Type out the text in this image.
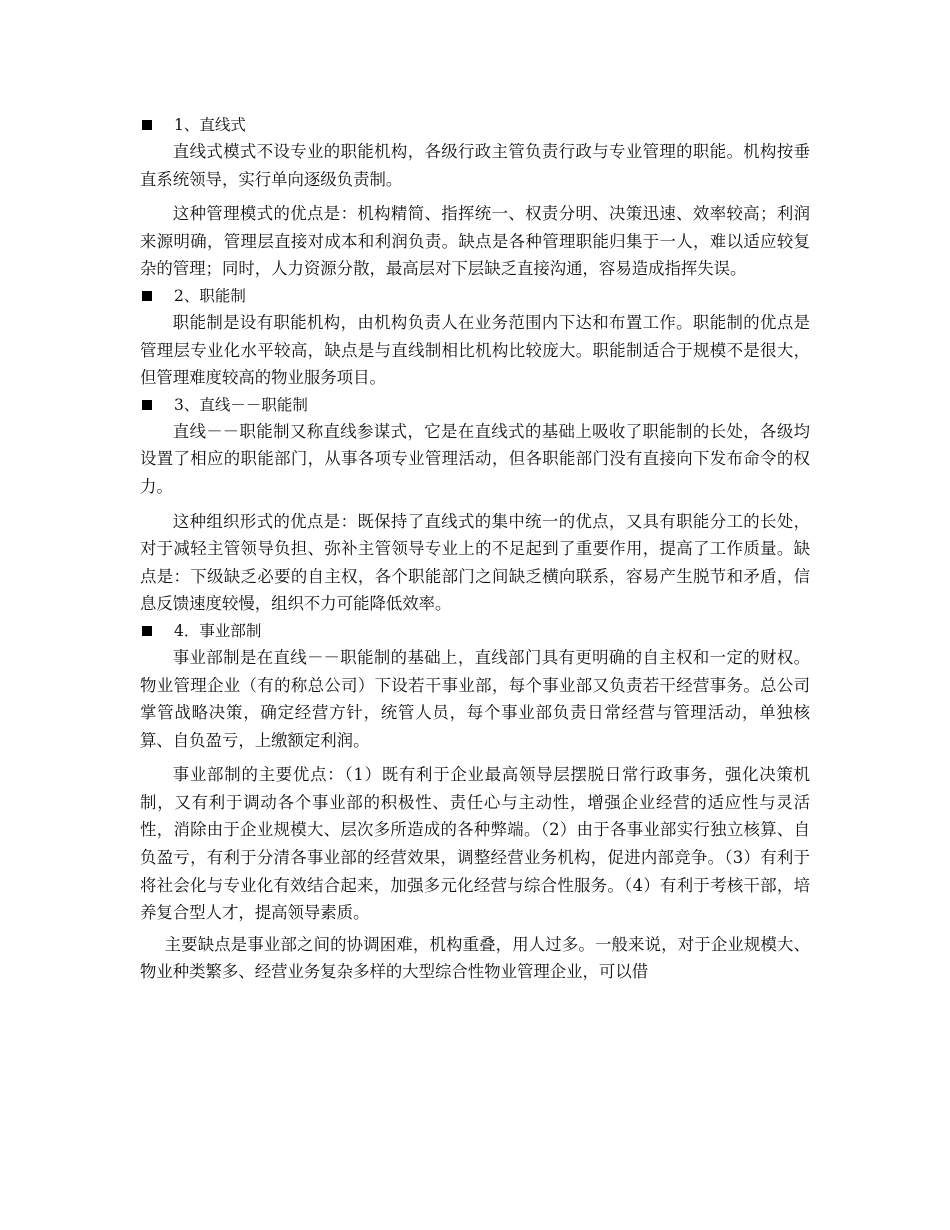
1、直线式

直线式模式不设专业的职能机构，各级行政主管负责行政与专业管理的职能。机构按垂直系统领导，实行单向逐级负责制。

这种管理模式的优点是：机构精简、指挥统一、权责分明、决策迅速、效率较高；利润来源明确，管理层直接对成本和利润负责。缺点是各种管理职能归集于一人，难以适应较复杂的管理；同时，人力资源分散，最高层对下层缺乏直接沟通，容易造成指挥失误。

2、职能制

职能制是设有职能机构，由机构负责人在业务范围内下达和布置工作。职能制的优点是管理层专业化水平较高，缺点是与直线制相比机构比较庞大。职能制适合于规模不是很大，但管理难度较高的物业服务项目。

3、直线－－职能制

直线－－职能制又称直线参谋式，它是在直线式的基础上吸收了职能制的长处，各级均设置了相应的职能部门，从事各项专业管理活动，但各职能部门没有直接向下发布命令的权力。

这种组织形式的优点是：既保持了直线式的集中统一的优点，又具有职能分工的长处，对于减轻主管领导负担、弥补主管领导专业上的不足起到了重要作用，提高了工作质量。缺点是：下级缺乏必要的自主权，各个职能部门之间缺乏横向联系，容易产生脱节和矛盾，信息反馈速度较慢，组织不力可能降低效率。

4．事业部制

事业部制是在直线－－职能制的基础上，直线部门具有更明确的自主权和一定的财权。物业管理企业（有的称总公司）下设若干事业部，每个事业部又负责若干经营事务。总公司掌管战略决策，确定经营方针，统管人员，每个事业部负责日常经营与管理活动，单独核算、自负盈亏，上缴额定利润。

事业部制的主要优点：（1）既有利于企业最高领导层摆脱日常行政事务，强化决策机制，又有利于调动各个事业部的积极性、责任心与主动性，增强企业经营的适应性与灵活性，消除由于企业规模大、层次多所造成的各种弊端。（2）由于各事业部实行独立核算、自负盈亏，有利于分清各事业部的经营效果，调整经营业务机构，促进内部竞争。（3）有利于将社会化与专业化有效结合起来，加强多元化经营与综合性服务。（4）有利于考核干部，培养复合型人才，提高领导素质。

主要缺点是事业部之间的协调困难，机构重叠，用人过多。一般来说，对于企业规模大、物业种类繁多、经营业务复杂多样的大型综合性物业管理企业，可以借
